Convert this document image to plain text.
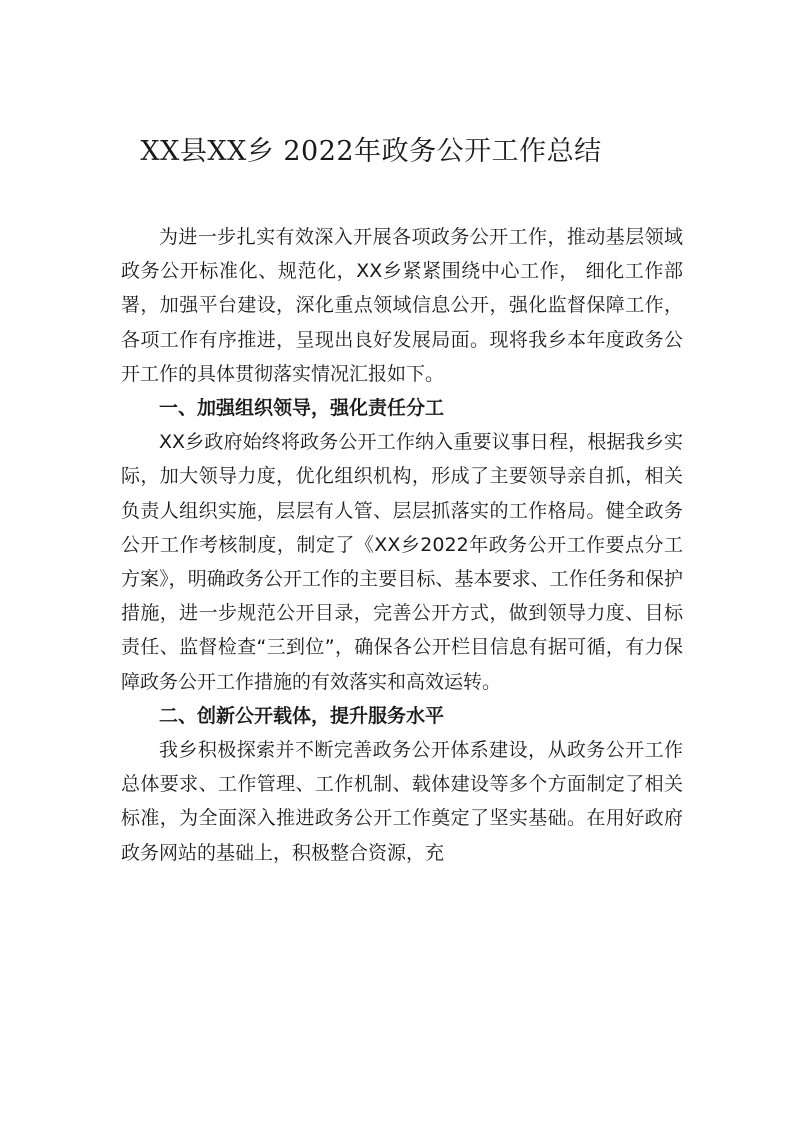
XX县XX乡 2022年政务公开工作总结

为进一步扎实有效深入开展各项政务公开工作，推动基层领域政务公开标准化、规范化，XX乡紧紧围绕中心工作， 细化工作部署，加强平台建设，深化重点领域信息公开，强化监督保障工作，各项工作有序推进，呈现出良好发展局面。现将我乡本年度政务公开工作的具体贯彻落实情况汇报如下。

一、加强组织领导，强化责任分工

XX乡政府始终将政务公开工作纳入重要议事日程，根据我乡实际，加大领导力度，优化组织机构，形成了主要领导亲自抓，相关负责人组织实施，层层有人管、层层抓落实的工作格局。健全政务公开工作考核制度，制定了《XX乡2022年政务公开工作要点分工方案》，明确政务公开工作的主要目标、基本要求、工作任务和保护措施，进一步规范公开目录，完善公开方式，做到领导力度、目标责任、监督检查“三到位”，确保各公开栏目信息有据可循，有力保障政务公开工作措施的有效落实和高效运转。

二、创新公开载体，提升服务水平

我乡积极探索并不断完善政务公开体系建设，从政务公开工作总体要求、工作管理、工作机制、载体建设等多个方面制定了相关标准，为全面深入推进政务公开工作奠定了坚实基础。在用好政府政务网站的基础上，积极整合资源，充
